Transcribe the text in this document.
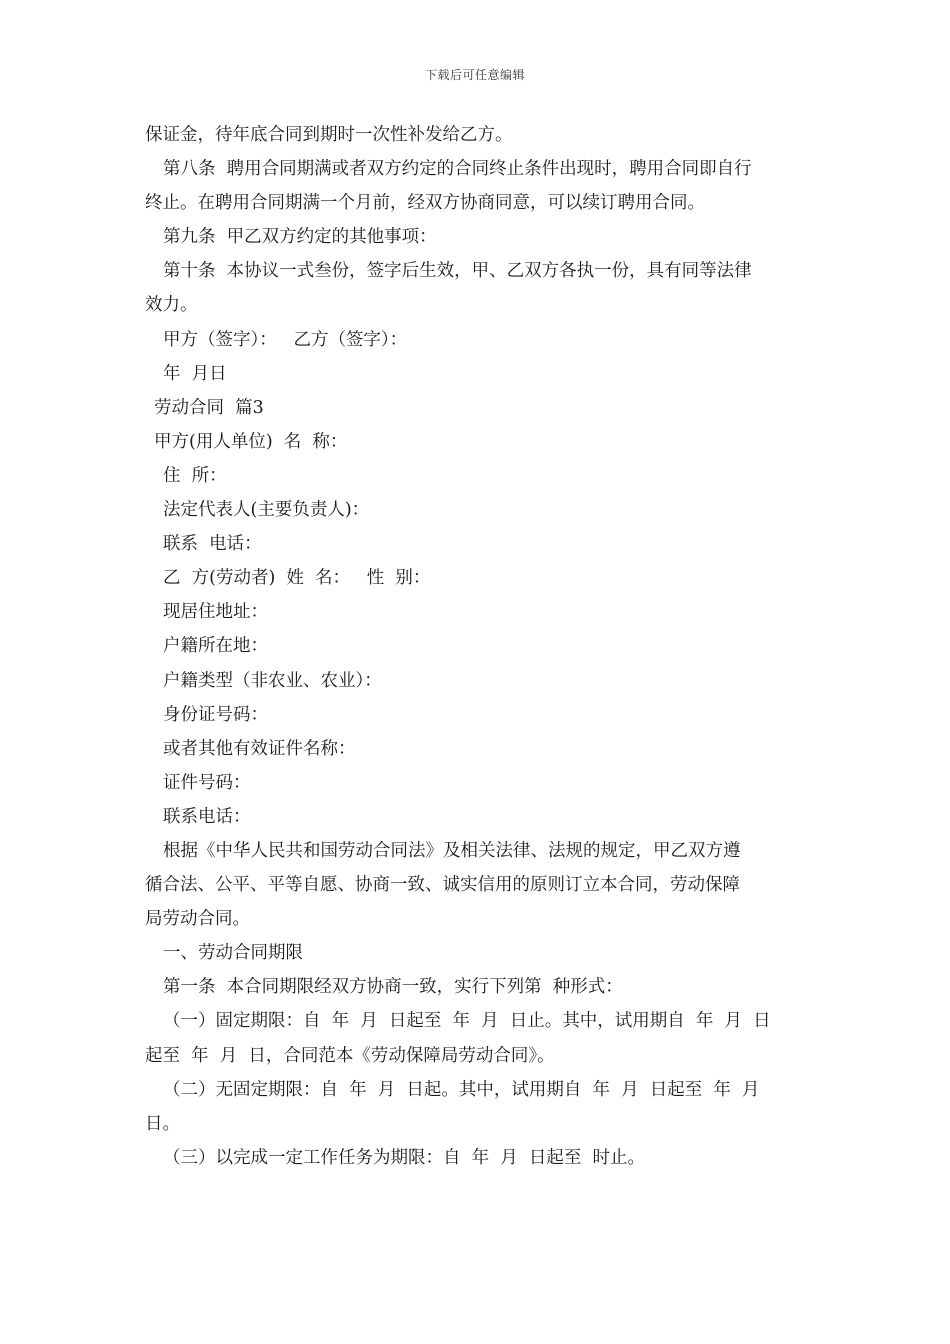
下载后可任意编辑

保证金，待年底合同到期时一次性补发给乙方。

第八条  聘用合同期满或者双方约定的合同终止条件出现时，聘用合同即自行

终止。在聘用合同期满一个月前，经双方协商同意，可以续订聘用合同。

第九条  甲乙双方约定的其他事项：

第十条  本协议一式叁份，签字后生效，甲、乙双方各执一份，具有同等法律

效力。

甲方（签字）：   乙方（签字）：

年  月日

劳动合同  篇3

甲方(用人单位)  名  称：

住  所：

法定代表人(主要负责人)：

联系  电话：

乙  方(劳动者)  姓  名：   性  别：

现居住地址：

户籍所在地：

户籍类型（非农业、农业）：

身份证号码：

或者其他有效证件名称：

证件号码：

联系电话：

根据《中华人民共和国劳动合同法》及相关法律、法规的规定，甲乙双方遵

循合法、公平、平等自愿、协商一致、诚实信用的原则订立本合同，劳动保障

局劳动合同。

一、劳动合同期限

第一条  本合同期限经双方协商一致，实行下列第  种形式：

（一）固定期限：自  年  月  日起至  年  月  日止。其中，试用期自  年  月  日

起至  年  月  日，合同范本《劳动保障局劳动合同》。

（二）无固定期限：自  年  月  日起。其中，试用期自  年  月  日起至  年  月

日。

（三）以完成一定工作任务为期限：自  年  月  日起至  时止。
